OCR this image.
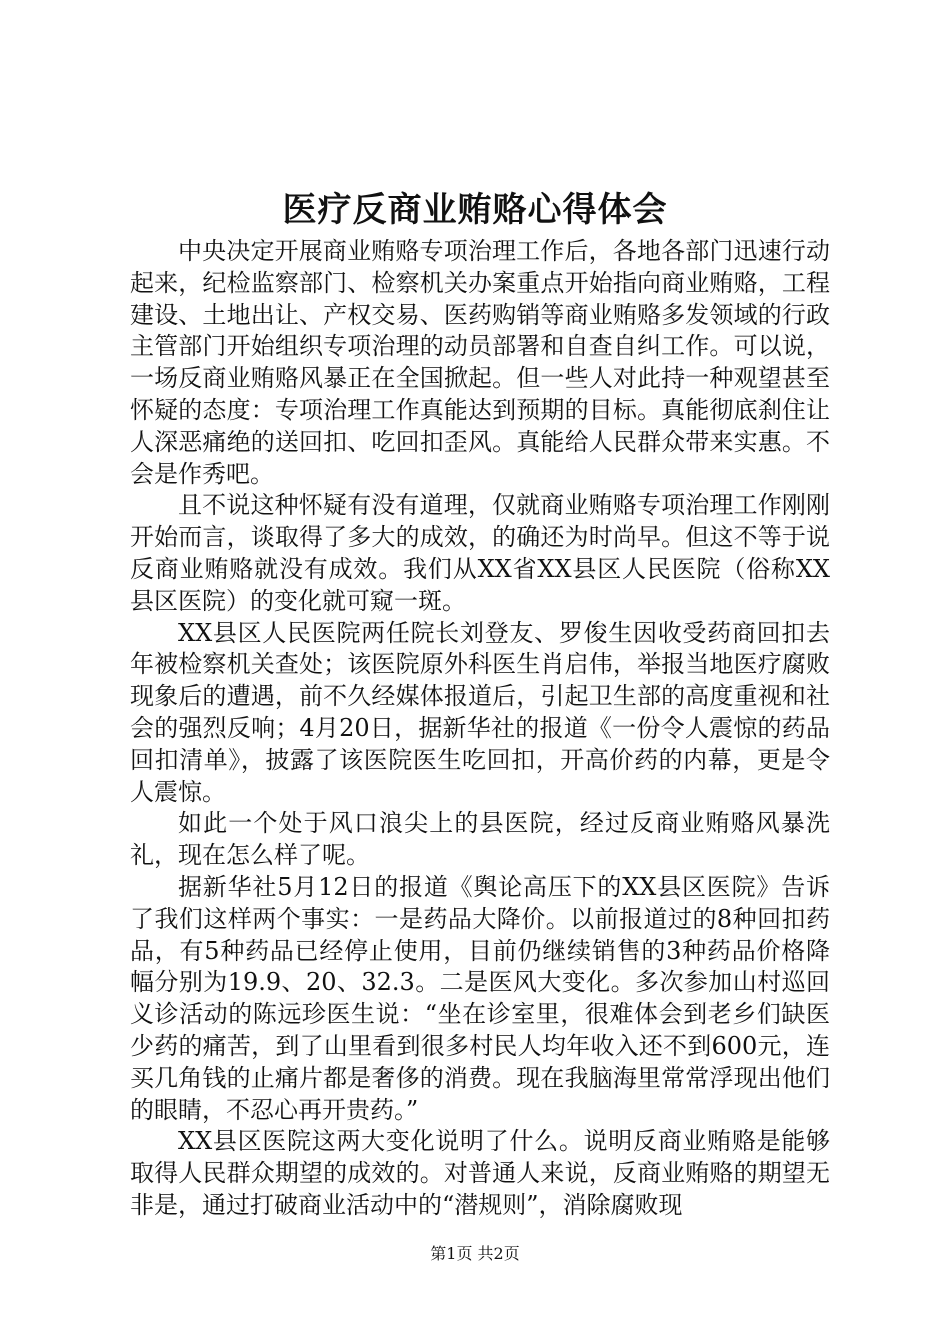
医疗反商业贿赂心得体会

中央决定开展商业贿赂专项治理工作后，各地各部门迅速行动起来，纪检监察部门、检察机关办案重点开始指向商业贿赂，工程建设、土地出让、产权交易、医药购销等商业贿赂多发领域的行政主管部门开始组织专项治理的动员部署和自查自纠工作。可以说，一场反商业贿赂风暴正在全国掀起。但一些人对此持一种观望甚至怀疑的态度：专项治理工作真能达到预期的目标。真能彻底刹住让人深恶痛绝的送回扣、吃回扣歪风。真能给人民群众带来实惠。不会是作秀吧。

且不说这种怀疑有没有道理，仅就商业贿赂专项治理工作刚刚开始而言，谈取得了多大的成效，的确还为时尚早。但这不等于说反商业贿赂就没有成效。我们从XX省XX县区人民医院（俗称XX县区医院）的变化就可窥一斑。

XX县区人民医院两任院长刘登友、罗俊生因收受药商回扣去年被检察机关查处；该医院原外科医生肖启伟，举报当地医疗腐败现象后的遭遇，前不久经媒体报道后，引起卫生部的高度重视和社会的强烈反响；4月20日，据新华社的报道《一份令人震惊的药品回扣清单》，披露了该医院医生吃回扣，开高价药的内幕，更是令人震惊。

如此一个处于风口浪尖上的县医院，经过反商业贿赂风暴洗礼，现在怎么样了呢。

据新华社5月12日的报道《舆论高压下的XX县区医院》告诉了我们这样两个事实：一是药品大降价。以前报道过的8种回扣药品，有5种药品已经停止使用，目前仍继续销售的3种药品价格降幅分别为19.9、20、32.3。二是医风大变化。多次参加山村巡回义诊活动的陈远珍医生说：“坐在诊室里，很难体会到老乡们缺医少药的痛苦，到了山里看到很多村民人均年收入还不到600元，连买几角钱的止痛片都是奢侈的消费。现在我脑海里常常浮现出他们的眼睛，不忍心再开贵药。”

XX县区医院这两大变化说明了什么。说明反商业贿赂是能够取得人民群众期望的成效的。对普通人来说，反商业贿赂的期望无非是，通过打破商业活动中的“潜规则”，消除腐败现

第1页 共2页
